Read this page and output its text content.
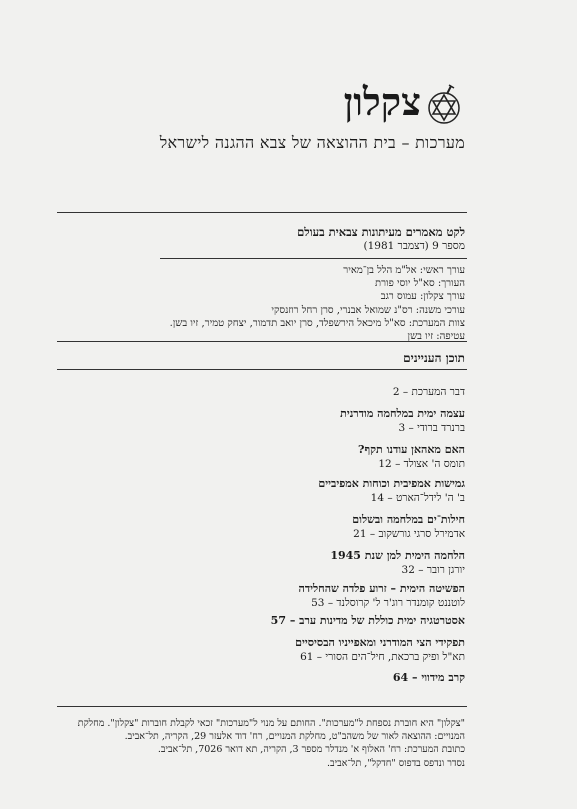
צקלון
מערכות – בית ההוצאה של צבא ההגנה לישראל
לקט מאמרים מעיתונות צבאית בעולם
מספר 9 (דצמבר 1981)
עורך ראשי: אל"מ הלל בן־מאיר
העורך: סא"ל יוסי פורת
עורך צקלון: עמוס רגב
עורכי משנה: רס"נ שמואל אבנרי, סרן רחל רוזנסקי
צוות המערכת: סא"ל מיכאל הירשפלד, סרן יואב תדמור, יצחק טמיר, זיו בשן.
עטיפה: זיו בשן
תוכן העניינים
דבר המערכת – 2
עצמה ימית במלחמה מודרנית
ברנרד ברודי – 3
האם מאהאן עודנו תקף?
תומס ה' אצולד – 12
גמישות אמפיבית וכוחות אמפיביים
ב' ה' לידל־הארט – 14
חילות־ים במלחמה ובשלום
אדמירל סרגי גורשקוב – 21
הלחמה הימית למן שנת 1945
יורגן רובר – 32
הפשיטה הימית – זרוע פלדה שהחלידה
לוטננט קומנדר רוג'ר ל' קרוסלנד – 53
אסטרטגיה ימית כוללת של מדינות ערב – 57
תפקידי הצי המודרני ומאפייניו הבסיסיים
תא"ל ופיק ברכאת, חיל־הים הסורי – 61
קרב מידווי – 64
"צקלון" היא חוברת נספחת ל"מערכות". החותם על מנוי ל"מערכות" זכאי לקבלת חוברות "צקלון". מחלקת
המנויים: ההוצאה לאור של משהב"ט, מחלקת המנויים, רח' דוד אלעזר 29, הקריה, תל־אביב.
כתובת המערכת: רח' האלוף א' מנדלר מספר 3, הקריה, תא דואר 7026, תל־אביב.
נסדר ונדפס בדפוס "חדקל", תל־אביב.
